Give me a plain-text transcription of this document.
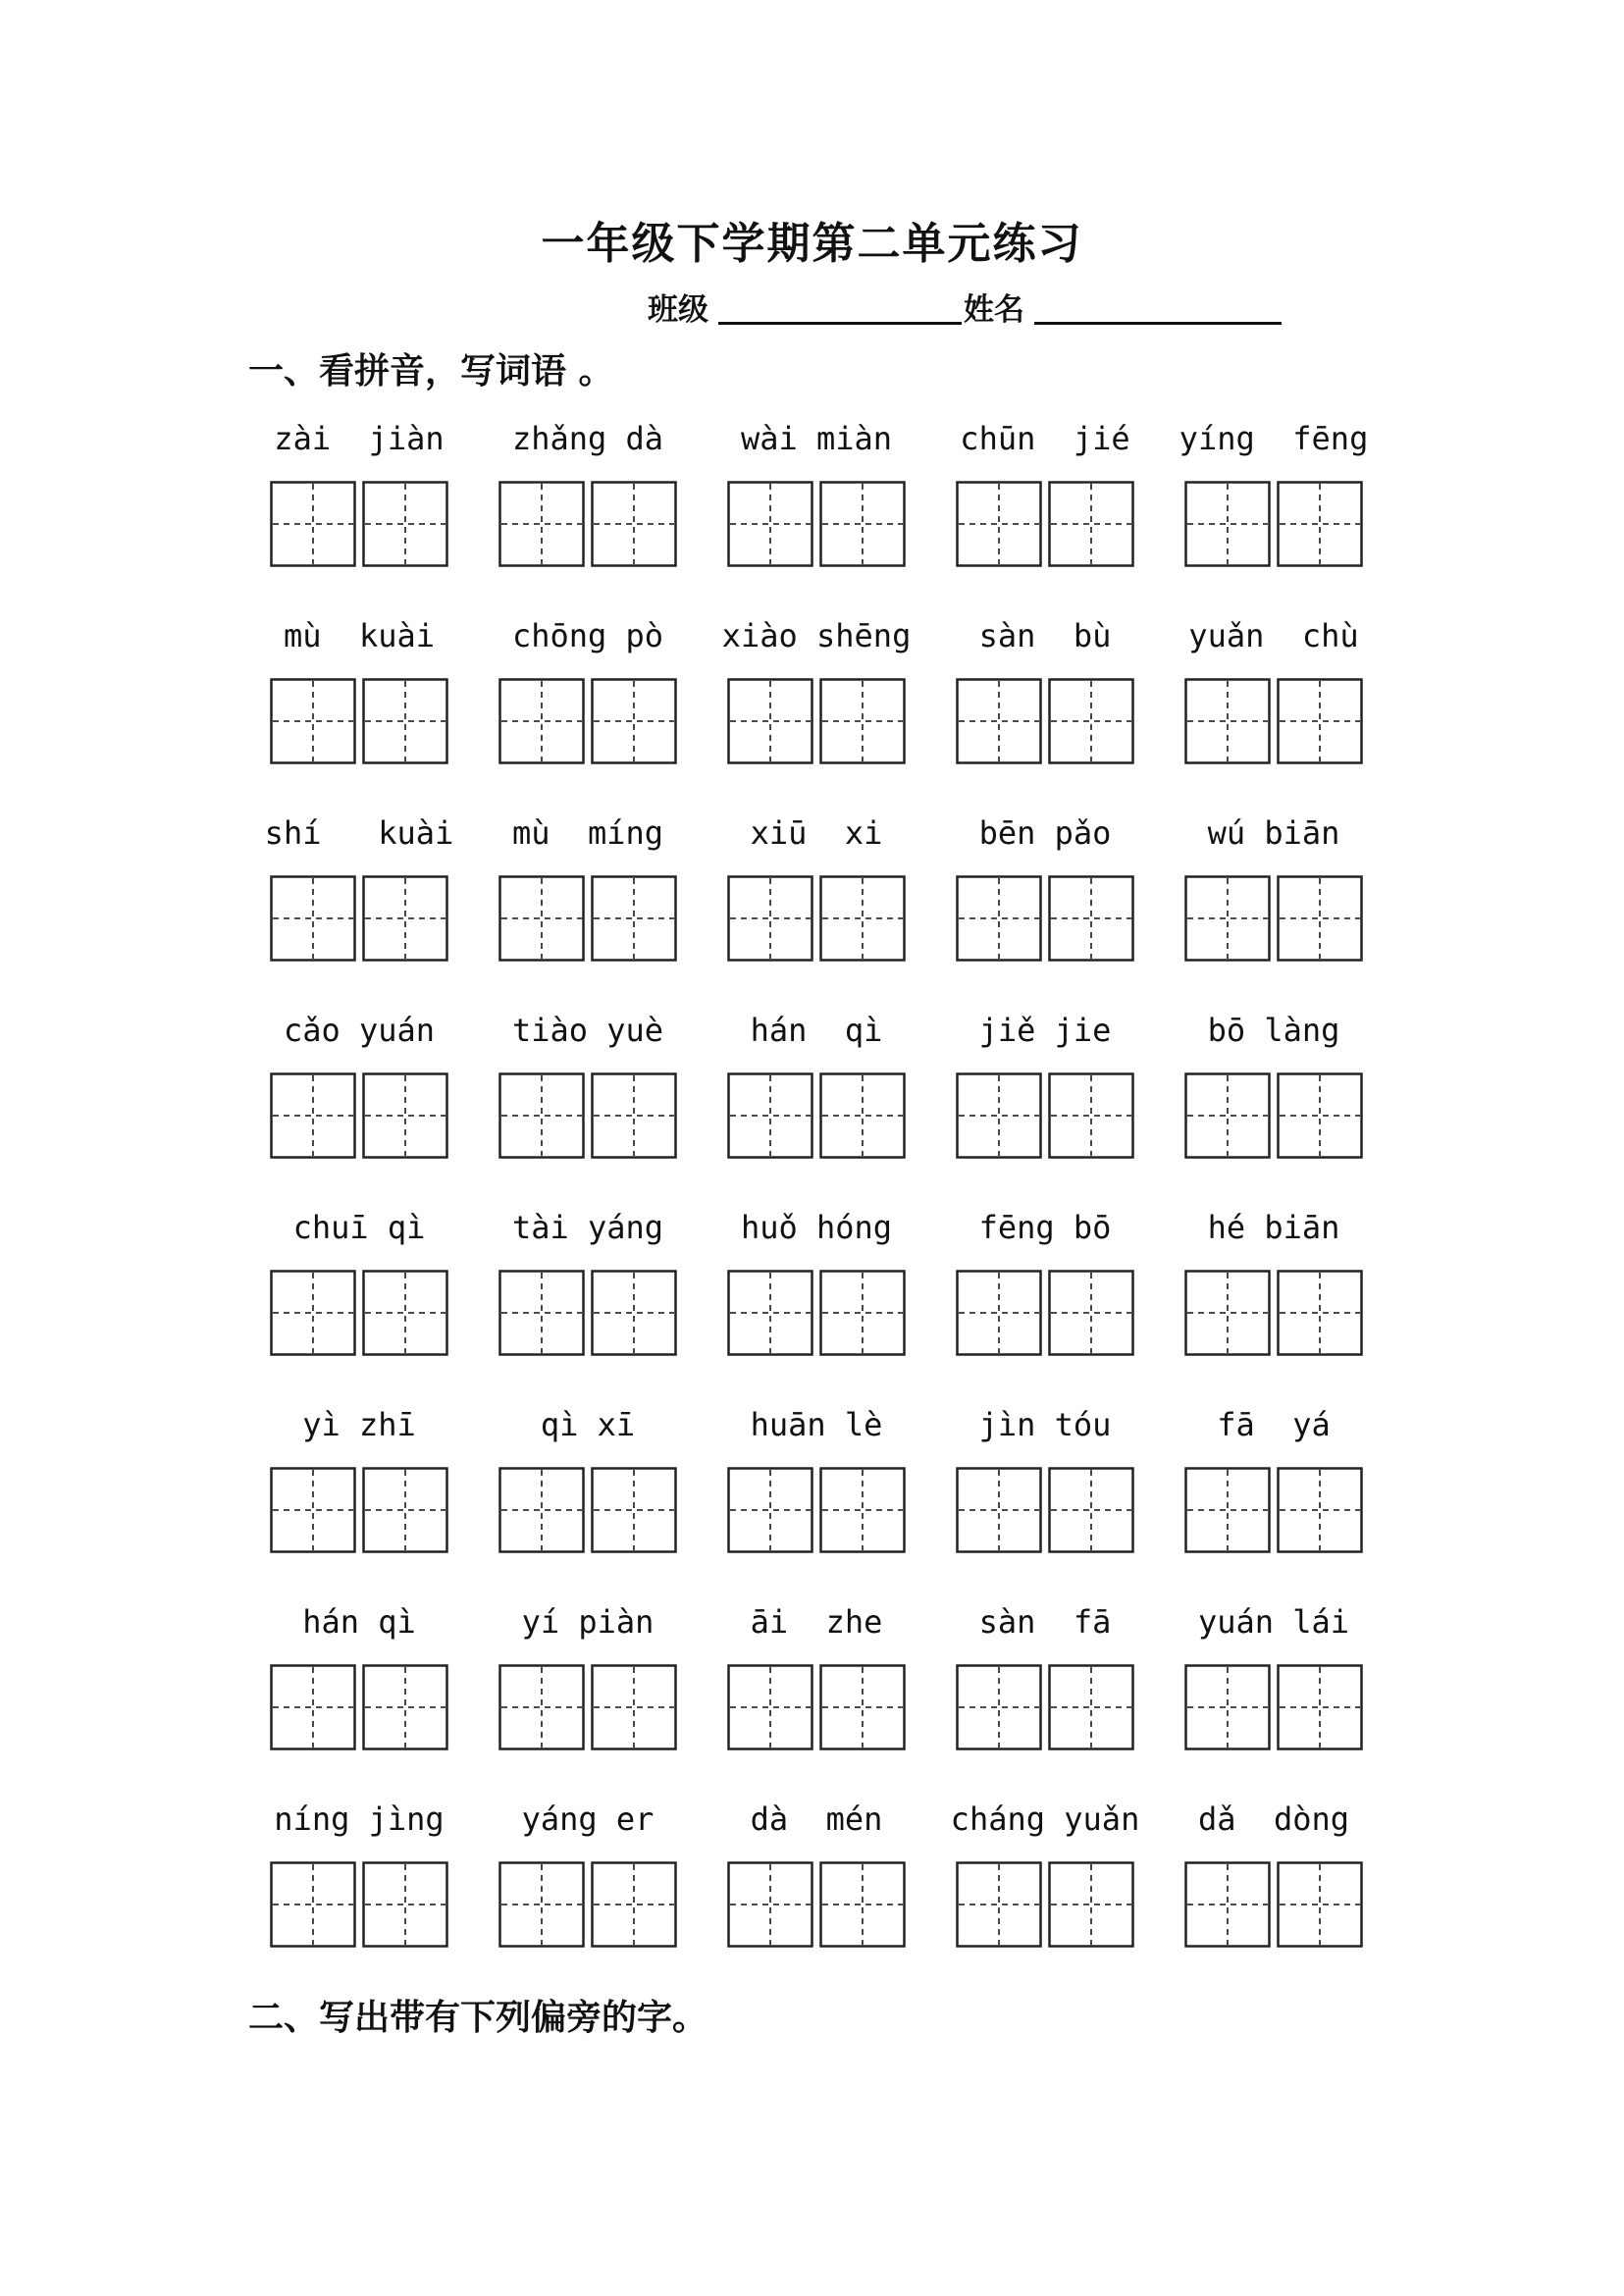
一年级下学期第二单元练习
班级	姓名
一、看拼音，写词语 。
zài  jiàn	zhǎng dà	wài miàn	chūn  jié	yíng  fēng
mù  kuài	chōng pò	xiào shēng	sàn  bù	yuǎn  chù
shí   kuài	mù  míng	xiū  xi	bēn pǎo	wú biān
cǎo yuán	tiào yuè	hán  qì	jiě jie	bō làng
chuī qì	tài yáng	huǒ hóng	fēng bō	hé biān
yì zhī	qì xī	huān lè	jìn tóu	fā  yá
hán qì	yí piàn	āi  zhe	sàn  fā	yuán lái
níng jìng	yáng er	dà  mén	cháng yuǎn	dǎ  dòng
二、写出带有下列偏旁的字。
